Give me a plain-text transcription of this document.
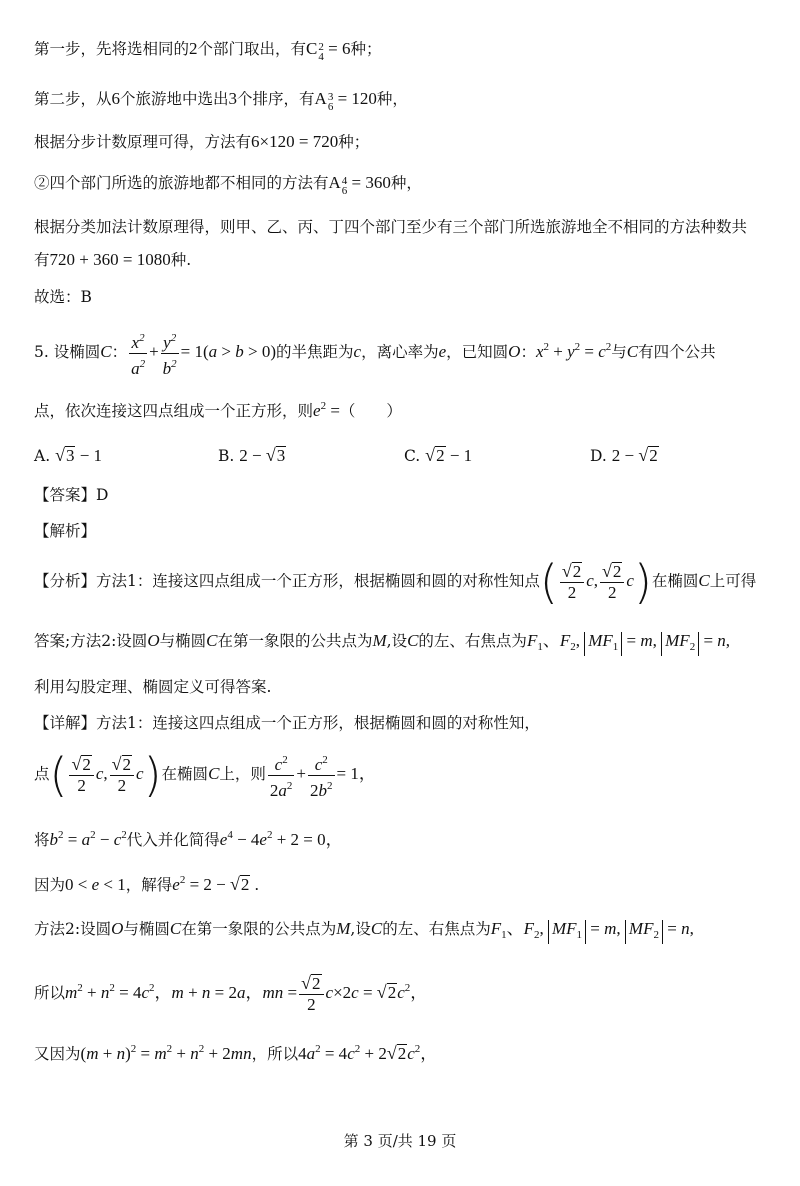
第一步，先将选相同的2个部门取出，有C2
4 = 6种；
第二步，从6个旅游地中选出3个排序，有A3
6 = 120种，
根据分步计数原理可得，方法有6×120 = 720种；
②四个部门所选的旅游地都不相同的方法有A4
6 = 360种，
根据分类加法计数原理得，则甲、乙、丙、丁四个部门至少有三个部门所选旅游地全不相同的方法种数共
有720 + 360 = 1080种.
故选：B
5. 设椭圆C： $\frac{x^2}{a^2} + \frac{y^2}{b^2} = 1(a > b > 0)$的半焦距为c，离心率为e，已知圆O：$x^2 + y^2 = c^2$与C有四个公共
点，依次连接这四点组成一个正方形，则$e^2$ =（　　）
A. √3 − 1	B. 2 − √3	C. √2 − 1	D. 2 − √2
【答案】D
【解析】
【分析】方法1：连接这四点组成一个正方形，根据椭圆和圆的对称性知点( $\frac{√2}{2} c$, $\frac{√2}{2} c$)在椭圆C上可得
答案;方法2:设圆O与椭圆C在第一象限的公共点为M,设C的左、右焦点为$F_1$、$F_2$, $MF_1 = m$, $MF_2 = n$,
利用勾股定理、椭圆定义可得答案.
【详解】方法1：连接这四点组成一个正方形，根据椭圆和圆的对称性知，
点( $\frac{√2}{2} c$, $\frac{√2}{2} c$)在椭圆C上，则 $\frac{c^2}{2a^2} + \frac{c^2}{2b^2} = 1$，
将$b^2 = a^2 - c^2$代入并化简得$e^4 - 4e^2 + 2 = 0$，
因为0 < e < 1，解得$e^2 = 2 - √2$ .
方法2:设圆O与椭圆C在第一象限的公共点为M,设C的左、右焦点为$F_1$、$F_2$, $MF_1 = m$, $MF_2 = n$,
所以$m^2 + n^2 = 4c^2$，m + n = 2a，mn = $\frac{√2}{2} c\times 2c = √2c^2$，
又因为$(m + n)^2 = m^2 + n^2 + 2mn$，所以$4a^2 = 4c^2 + 2√2c^2$，
第 3 页/共 19 页
